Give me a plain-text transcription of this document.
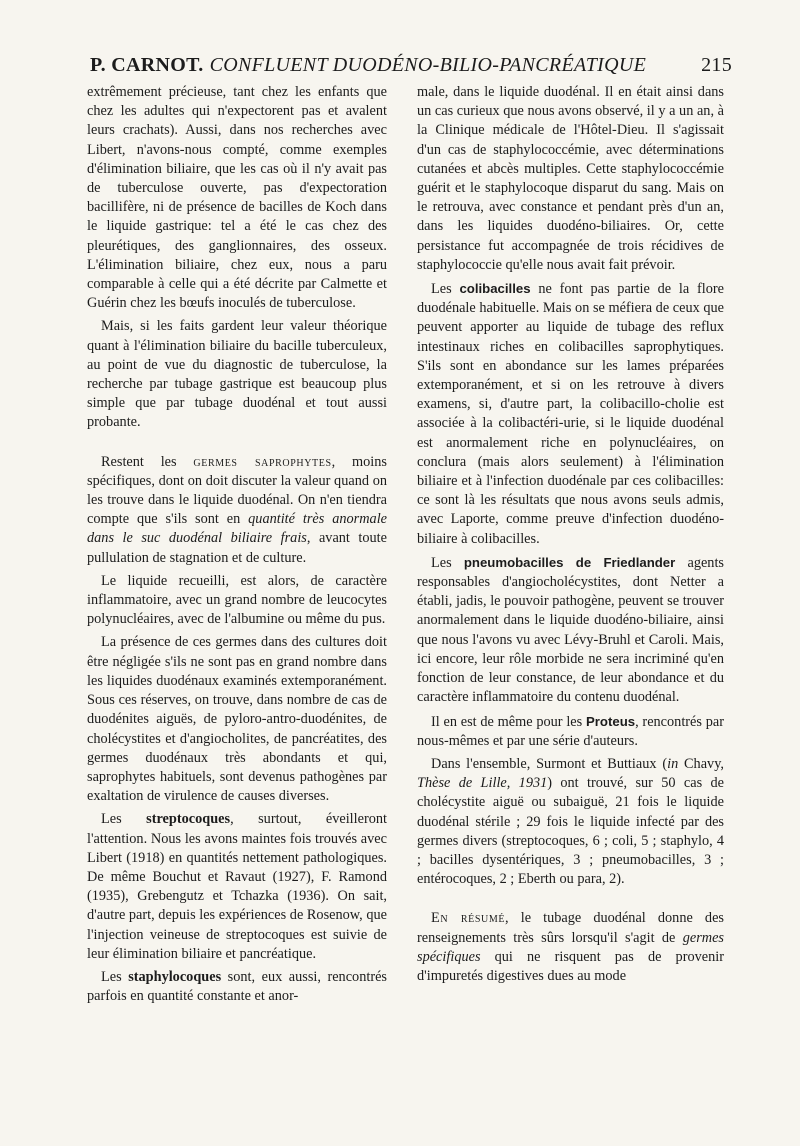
P. CARNOT. CONFLUENT DUODÉNO-BILIO-PANCRÉATIQUE	215

extrêmement précieuse, tant chez les enfants que chez les adultes qui n'expectorent pas et avalent leurs crachats). Aussi, dans nos recherches avec Libert, n'avons-nous compté, comme exemples d'élimination biliaire, que les cas où il n'y avait pas de tuberculose ouverte, pas d'expectoration bacillifère, ni de présence de bacilles de Koch dans le liquide gastrique: tel a été le cas chez des pleurétiques, des ganglionnaires, des osseux. L'élimination biliaire, chez eux, nous a paru comparable à celle qui a été décrite par Calmette et Guérin chez les bœufs inoculés de tuberculose.

Mais, si les faits gardent leur valeur théorique quant à l'élimination biliaire du bacille tuberculeux, au point de vue du diagnostic de tuberculose, la recherche par tubage gastrique est beaucoup plus simple que par tubage duodénal et tout aussi probante.

Restent les germes saprophytes, moins spécifiques, dont on doit discuter la valeur quand on les trouve dans le liquide duodénal. On n'en tiendra compte que s'ils sont en quantité très anormale dans le suc duodénal biliaire frais, avant toute pullulation de stagnation et de culture.

Le liquide recueilli, est alors, de caractère inflammatoire, avec un grand nombre de leucocytes polynucléaires, avec de l'albumine ou même du pus.

La présence de ces germes dans des cultures doit être négligée s'ils ne sont pas en grand nombre dans les liquides duodénaux examinés extemporanément. Sous ces réserves, on trouve, dans nombre de cas de duodénites aiguës, de pyloro-antro-duodénites, de cholécystites et d'angiocholites, de pancréatites, des germes duodénaux très abondants et qui, saprophytes habituels, sont devenus pathogènes par exaltation de virulence de causes diverses.

Les streptocoques, surtout, éveilleront l'attention. Nous les avons maintes fois trouvés avec Libert (1918) en quantités nettement pathologiques. De même Bouchut et Ravaut (1927), F. Ramond (1935), Grebengutz et Tchazka (1936). On sait, d'autre part, depuis les expériences de Rosenow, que l'injection veineuse de streptocoques est suivie de leur élimination biliaire et pancréatique.

Les staphylocoques sont, eux aussi, rencontrés parfois en quantité constante et anor-

male, dans le liquide duodénal. Il en était ainsi dans un cas curieux que nous avons observé, il y a un an, à la Clinique médicale de l'Hôtel-Dieu. Il s'agissait d'un cas de staphylococcémie, avec déterminations cutanées et abcès multiples. Cette staphylococcémie guérit et le staphylocoque disparut du sang. Mais on le retrouva, avec constance et pendant près d'un an, dans les liquides duodéno-biliaires. Or, cette persistance fut accompagnée de trois récidives de staphylococcie qu'elle nous avait fait prévoir.

Les colibacilles ne font pas partie de la flore duodénale habituelle. Mais on se méfiera de ceux que peuvent apporter au liquide de tubage des reflux intestinaux riches en colibacilles saprophytiques. S'ils sont en abondance sur les lames préparées extemporanément, et si on les retrouve à divers examens, si, d'autre part, la colibacillo-cholie est associée à la colibactéri-urie, si le liquide duodénal est anormalement riche en polynucléaires, on conclura (mais alors seulement) à l'élimination biliaire et à l'infection duodénale par ces colibacilles: ce sont là les résultats que nous avons seuls admis, avec Laporte, comme preuve d'infection duodéno-biliaire à colibacilles.

Les pneumobacilles de Friedlander agents responsables d'angiocholécystites, dont Netter a établi, jadis, le pouvoir pathogène, peuvent se trouver anormalement dans le liquide duodéno-biliaire, ainsi que nous l'avons vu avec Lévy-Bruhl et Caroli. Mais, ici encore, leur rôle morbide ne sera incriminé qu'en fonction de leur constance, de leur abondance et du caractère inflammatoire du contenu duodénal.

Il en est de même pour les Proteus, rencontrés par nous-mêmes et par une série d'auteurs.

Dans l'ensemble, Surmont et Buttiaux (in Chavy, Thèse de Lille, 1931) ont trouvé, sur 50 cas de cholécystite aiguë ou subaiguë, 21 fois le liquide duodénal stérile ; 29 fois le liquide infecté par des germes divers (streptocoques, 6 ; coli, 5 ; staphylo, 4 ; bacilles dysentériques, 3 ; pneumobacilles, 3 ; entérocoques, 2 ; Eberth ou para, 2).

En résumé, le tubage duodénal donne des renseignements très sûrs lorsqu'il s'agit de germes spécifiques qui ne risquent pas de provenir d'impuretés digestives dues au mode
